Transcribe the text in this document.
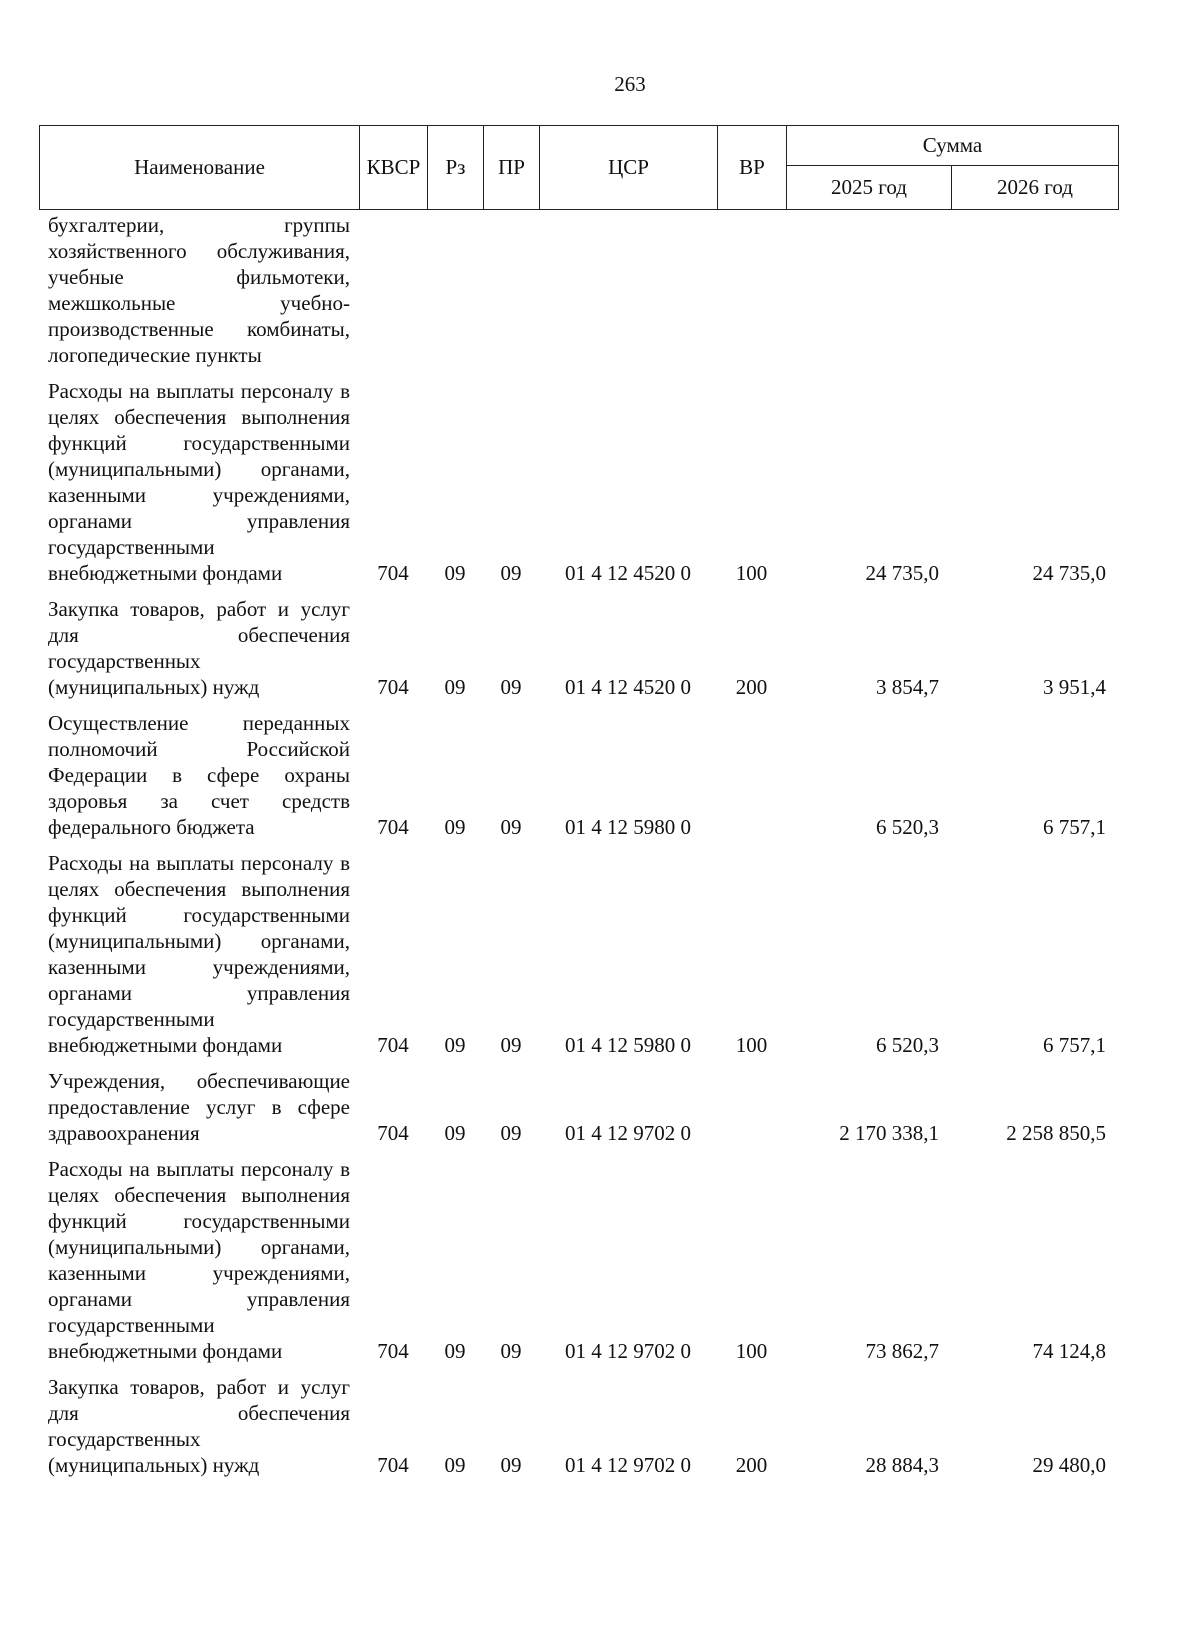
263
Наименование	КВСР	Рз	ПР	ЦСР	ВР	Сумма	
						2025 год	2026 год
бухгалтерии, группы хозяйственного обслуживания, учебные фильмотеки, межшкольные учебно-производственные комбинаты, логопедические пункты							
Расходы на выплаты персоналу в целях обеспечения выполнения функций государственными (муниципальными) органами, казенными учреждениями, органами управления государственными внебюджетными фондами	704	09	09	01 4 12 4520 0	100	24 735,0	24 735,0
Закупка товаров, работ и услуг для обеспечения государственных (муниципальных) нужд	704	09	09	01 4 12 4520 0	200	3 854,7	3 951,4
Осуществление переданных полномочий Российской Федерации в сфере охраны здоровья за счет средств федерального бюджета	704	09	09	01 4 12 5980 0		6 520,3	6 757,1
Расходы на выплаты персоналу в целях обеспечения выполнения функций государственными (муниципальными) органами, казенными учреждениями, органами управления государственными внебюджетными фондами	704	09	09	01 4 12 5980 0	100	6 520,3	6 757,1
Учреждения, обеспечивающие предоставление услуг в сфере здравоохранения	704	09	09	01 4 12 9702 0		2 170 338,1	2 258 850,5
Расходы на выплаты персоналу в целях обеспечения выполнения функций государственными (муниципальными) органами, казенными учреждениями, органами управления государственными внебюджетными фондами	704	09	09	01 4 12 9702 0	100	73 862,7	74 124,8
Закупка товаров, работ и услуг для обеспечения государственных (муниципальных) нужд	704	09	09	01 4 12 9702 0	200	28 884,3	29 480,0
